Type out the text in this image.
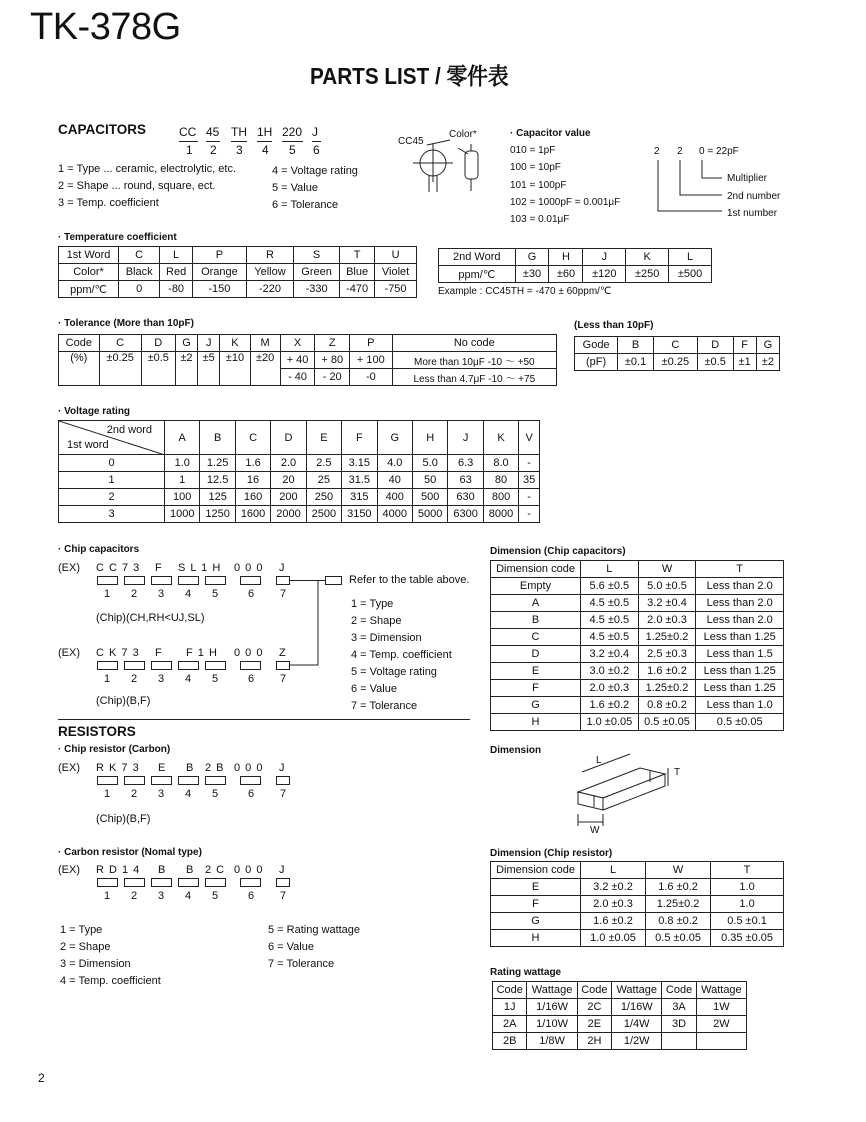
TK-378G
PARTS LIST / 零件表
CAPACITORS	CC 45 TH 1H 220 J
1 2 3 4 5 6
1 = Type ... ceramic, electrolytic, etc.
2 = Shape ... round, square, ect.
3 = Temp. coefficient
4 = Voltage rating
5 = Value
6 = Tolerance
CC45
Color*	· Capacitor value
010 = 1pF
100 = 10pF
101 = 100pF
102 = 1000pF = 0.001μF
103 = 0.01μF
2 2 0 = 22pF
Multiplier
2nd number
1st number
· Temperature coefficient
1st Word	C	L	P	R	S	T	U
Color*	Black	Red	Orange	Yellow	Green	Blue	Violet
ppm/℃	0	-80	-150	-220	-330	-470	-750
2nd Word	G	H	J	K	L
ppm/℃	±30	±60	±120	±250	±500
Example : CC45TH = -470 ± 60ppm/℃
· Tolerance (More than 10pF)
Code	C	D	G	J	K	M	X	Z	P	No code
(%)	±0.25	±0.5	±2	±5	±10	±20	+ 40	+ 80	+ 100	More than 10μF -10 ～ +50
							- 40	- 20	-0	Less than 4.7μF -10 ～ +75
(Less than 10pF)
Gode	B	C	D	F	G
(pF)	±0.1	±0.25	±0.5	±1	±2
· Voltage rating
2nd word
1st word	A	B	C	D	E	F	G	H	J	K	V
0	1.0	1.25	1.6	2.0	2.5	3.15	4.0	5.0	6.3	8.0	-
1	1	12.5	16	20	25	31.5	40	50	63	80	35
2	100	125	160	200	250	315	400	500	630	800	-
3	1000	1250	1600	2000	2500	3150	4000	5000	6300	8000	-
· Chip capacitors
(EX) C C 7 3 F S L 1 H 0 0 0 J
1 2 3 4 5	6 7
Refer to the table above.
(Chip)(CH,RH<UJ,SL)
(EX) C K 7 3 F F 1 H 0 0 0 Z
1 2 3 4 5	6 7
(Chip)(B,F)
1 = Type
2 = Shape
3 = Dimension
4 = Temp. coefficient
5 = Voltage rating
6 = Value
7 = Tolerance
Dimension (Chip capacitors)
Dimension code	L	W	T
Empty	5.6 ±0.5	5.0 ±0.5	Less than 2.0
A	4.5 ±0.5	3.2 ±0.4	Less than 2.0
B	4.5 ±0.5	2.0 ±0.3	Less than 2.0
C	4.5 ±0.5	1.25±0.2	Less than 1.25
D	3.2 ±0.4	2.5 ±0.3	Less than 1.5
E	3.0 ±0.2	1.6 ±0.2	Less than 1.25
F	2.0 ±0.3	1.25±0.2	Less than 1.25
G	1.6 ±0.2	0.8 ±0.2	Less than 1.0
H	1.0 ±0.05	0.5 ±0.05	0.5 ±0.05
RESISTORS
· Chip resistor (Carbon)
(EX) R K 7 3 E B 2 B 0 0 0 J
1 2 3 4 5	6 7
(Chip)(B,F)
· Carbon resistor (Nomal type)
(EX) R D 1 4 B B 2 C 0 0 0 J
1 2 3 4 5	6 7
1 = Type
2 = Shape
3 = Dimension
4 = Temp. coefficient
5 = Rating wattage
6 = Value
7 = Tolerance
Dimension
L
T
W
Dimension (Chip resistor)
Dimension code	L	W	T
E	3.2 ±0.2	1.6 ±0.2	1.0
F	2.0 ±0.3	1.25±0.2	1.0
G	1.6 ±0.2	0.8 ±0.2	0.5 ±0.1
H	1.0 ±0.05	0.5 ±0.05	0.35 ±0.05
Rating wattage
Code	Wattage	Code	Wattage	Code	Wattage
1J	1/16W	2C	1/16W	3A	1W
2A	1/10W	2E	1/4W	3D	2W
2B	1/8W	2H	1/2W		
2
